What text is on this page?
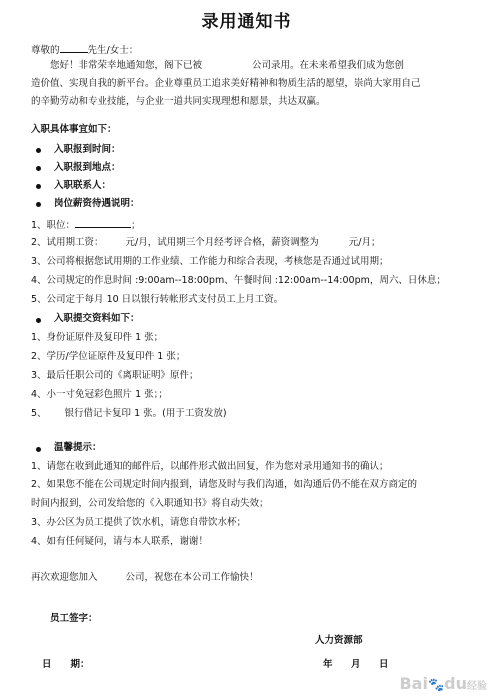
录用通知书
尊敬的	先生/女士：
您好！非常荣幸地通知您，阁下已被	公司录用。在未来希望我们成为您创
造价值、实现自我的新平台。企业尊重员工追求美好精神和物质生活的愿望，崇尚大家用自己
的辛勤劳动和专业技能，与企业一道共同实现理想和愿景，共达双赢。
入职具体事宜如下：
入职报到时间：
入职报到地点：
入职联系人：
岗位薪资待遇说明：
1、职位：	；
2、试用期工资： 元/月，试用期三个月经考评合格，薪资调整为	元/月；
3、公司将根据您试用期的工作业绩、工作能力和综合表现，考核您是否通过试用期；
4、公司规定的作息时间 :9:00am--18:00pm、午餐时间 :12:00am--14:00pm，周六、日休息；
5、公司定于每月 10 日以银行转帐形式支付员工上月工资。
入职提交资料如下：
1、身份证原件及复印件 1 张；
2、学历/学位证原件及复印件 1 张；
3、最后任职公司的《离职证明》原件；
4、小一寸免冠彩色照片 1 张；；
5、 银行借记卡复印 1 张。(用于工资发放)
温馨提示：
1、请您在收到此通知的邮件后，以邮件形式做出回复，作为您对录用通知书的确认；
2、如果您不能在公司规定时间内报到，请您及时与我们沟通，如沟通后仍不能在双方商定的
时间内报到，公司发给您的《入职通知书》将自动失效；
3、办公区为员工提供了饮水机，请您自带饮水杯；
4、如有任何疑问，请与本人联系，谢谢！
再次欢迎您加入	公司，祝您在本公司工作愉快！
员工签字：
人力资源部
日　　期：	年 月 日
Bai🐾du经验
